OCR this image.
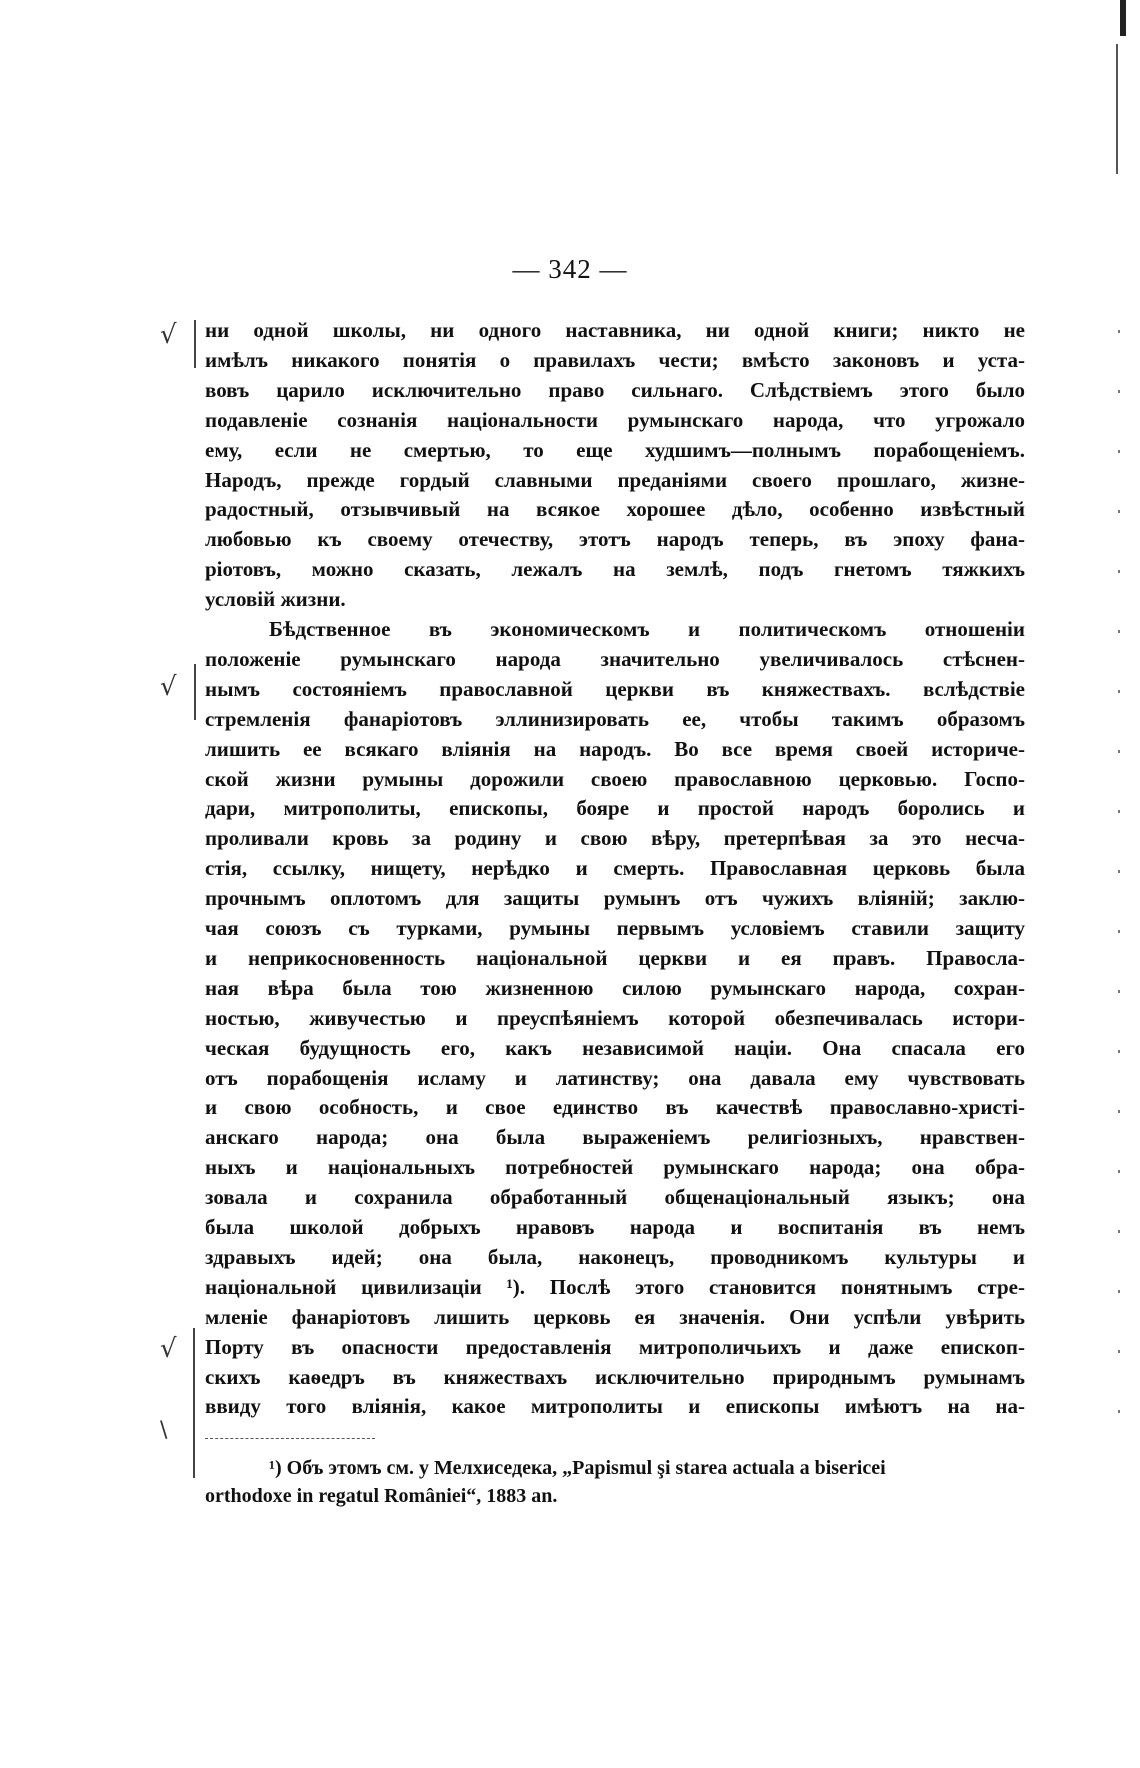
— 342 —
√
√
√
\
ни одной школы, ни одного наставника, ни одной книги; никто не
имѣлъ никакого понятія о правилахъ чести; вмѣсто законовъ и уста-
вовъ царило исключительно право сильнаго. Слѣдствіемъ этого было
подавленіе сознанія національности румынскаго народа, что угрожало
ему, если не смертью, то еще худшимъ—полнымъ порабощеніемъ.
Народъ, прежде гордый славными преданіями своего прошлаго, жизне-
радостный, отзывчивый на всякое хорошее дѣло, особенно извѣстный
любовью къ своему отечеству, этотъ народъ теперь, въ эпоху фана-
ріотовъ, можно сказать, лежалъ на землѣ, подъ гнетомъ тяжкихъ
условій жизни.
Бѣдственное въ экономическомъ и политическомъ отношеніи
положеніе румынскаго народа значительно увеличивалось стѣснен-
нымъ состояніемъ православной церкви въ княжествахъ. вслѣдствіе
стремленія фанаріотовъ эллинизировать ее, чтобы такимъ образомъ
лишить ее всякаго вліянія на народъ. Во все время своей историче-
ской жизни румыны дорожили своею православною церковью. Госпо-
дари, митрополиты, епископы, бояре и простой народъ боролись и
проливали кровь за родину и свою вѣру, претерпѣвая за это несча-
стія, ссылку, нищету, нерѣдко и смерть. Православная церковь была
прочнымъ оплотомъ для защиты румынъ отъ чужихъ вліяній; заклю-
чая союзъ съ турками, румыны первымъ условіемъ ставили защиту
и неприкосновенность національной церкви и ея правъ. Правосла-
ная вѣра была тою жизненною силою румынскаго народа, сохран-
ностью, живучестью и преуспѣяніемъ которой обезпечивалась истори-
ческая будущность его, какъ независимой націи. Она спасала его
отъ порабощенія исламу и латинству; она давала ему чувствовать
и свою особность, и свое единство въ качествѣ православно-христі-
анскаго народа; она была выраженіемъ религіозныхъ, нравствен-
ныхъ и національныхъ потребностей румынскаго народа; она обра-
зовала и сохранила обработанный общенаціональный языкъ; она
была школой добрыхъ нравовъ народа и воспитанія въ немъ
здравыхъ идей; она была, наконецъ, проводникомъ культуры и
національной цивилизаціи ¹). Послѣ этого становится понятнымъ стре-
мленіе фанаріотовъ лишить церковь ея значенія. Они успѣли увѣрить
Порту въ опасности предоставленія митрополичьихъ и даже епископ-
скихъ каѳедръ въ княжествахъ исключительно природнымъ румынамъ
ввиду того вліянія, какое митрополиты и епископы имѣютъ на на-
¹) Объ этомъ см. у Мелхиседека, „Papismul şi starea actuala a bisericei
orthodoxe in regatul României“, 1883 an.
